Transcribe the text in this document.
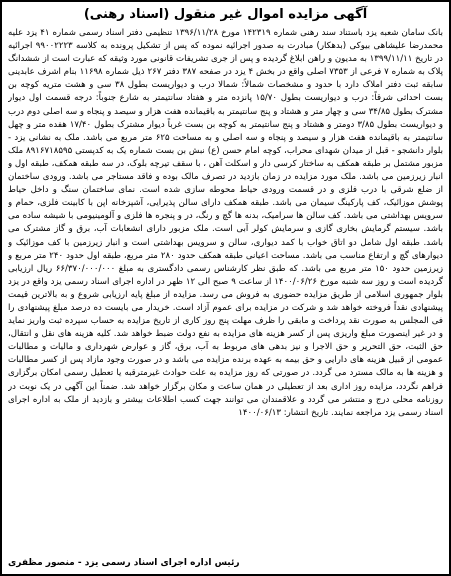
آگهی مزایده اموال غیر منقول (اسناد رهنی)

بانک سامان شعبه یزد باستناد سند رهنی شماره ۱۴۲۳۱۹ مورخ ۱۳۹۶/۱۱/۲۸ تنظیمی دفتر اسناد رسمی شماره ۴۱ یزد علیه محمدرضا علیشاهی بیوکی (بدهکار) مبادرت به صدور اجرائیه نموده که پس از تشکیل پرونده به کلاسه ۹۹۰۰۲۲۲۳ اجرائیه در تاریخ ۱۳۹۹/۱۱/۱۱ به مدیون و راهن ابلاغ گردیده و پس از جری تشریفات قانونی مورد وثیقه که عبارت است از ششدانگ پلاک به شماره ۷ فرعی از ۷۳۵۳ اصلی واقع در بخش ۴ یزد در صفحه ۳۸۷ دفتر ۲۶۷ ذیل شماره ۱۱۶۹۸ بنام اشرف عابدینی سابقه ثبت دفتر املاک دارد با حدود و مشخصات شمالاً: شمالا درب و دیواریست بطول ۳۸ سی و هشت متریه کوچه بن بست احداثی شرقاً: درب و دیواریست بطول ۱۵/۷۰ پانزده متر و هفتاد سانتیمتر به شارع جنوباً: درجه قسمت اول دیوار مشترک بطول ۳۴/۸۵ سی و چهار متر و هشتاد و پنج سانتیمتر به باقیمانده هفت هزار و سیصد و پنجاه و سه اصلی دوم درب و دیواریست بطول ۳/۸۵ دومتر و هشتاد و پنج سانتیمتر به کوچه بن بست غرباً دیوار مشترک بطول ۱۷/۴۰ هفده متر و چهل سانتیمتر به باقیمانده هفت هزار و سیصد و پنجاه و سه اصلی و به مساحت ۶۲۵ متر مربع می باشد. ملک به نشانی یزد - بلوار دانشجو - قبل از میدان شهدای محراب، کوچه امام حسن (ع) نبش بن بست شماره یک به کدپستی ۸۹۱۶۷۱۸۵۹۵ ملک مزبور مشتمل بر طبقه همکف به ساختار کرسی دار و اسکلت آهن ، با سقف تیرچه بلوک، در سه طبقه همکف، طبقه اول و انبار زیرزمین می باشد. ملک مورد مزایده در زمان بازدید در تصرف مالک بوده و فاقد مستاجر می باشد. ورودی ساختمان از ضلع شرقی با درب فلزی و در قسمت ورودی حیاط محوطه سازی شده است. نمای ساختمان سنگ و داخل حیاط پوشش موزائیک، کف پارکینگ سیمان می باشد. طبقه همکف دارای سالن پذیرایی، آشپزخانه اپن با کابینت فلزی، حمام و سرویس بهداشتی می باشد. کف سالن ها سرامیک، بدنه ها گچ و رنگ، در و پنجره ها فلزی و آلومینیومی با شیشه ساده می باشد. سیستم گرمایش بخاری گازی و سرمایش کولر آبی است. ملک مزبور دارای انشعابات آب، برق و گاز مشترک می باشد. طبقه اول شامل دو اتاق خواب با کمد دیواری، سالن و سرویس بهداشتی است و انبار زیرزمین با کف موزائیک و دیوارهای گچ و ارتفاع مناسب می باشد. مساحت اعیانی طبقه همکف حدود ۲۸۰ متر مربع، طبقه اول حدود ۲۴۰ متر مربع و زیرزمین حدود ۱۵۰ متر مربع می باشد. که طبق نظر کارشناس رسمی دادگستری به مبلغ ۶۶/۳۷۰/۰۰۰/۰۰۰ ریال ارزیابی گردیده است و روز سه شنبه مورخ ۱۴۰۰/۰۶/۲۶ از ساعت ۹ صبح الی ۱۲ ظهر در اداره اجرای اسناد رسمی یزد واقع در یزد بلوار جمهوری اسلامی از طریق مزایده حضوری به فروش می رسد. مزایده از مبلغ پایه ارزیابی شروع و به بالاترین قیمت پیشنهادی نقداً فروخته خواهد شد و شرکت در مزایده برای عموم آزاد است. خریدار می بایست ده درصد مبلغ پیشنهادی را فی المجلس به صورت نقد پرداخت و مابقی را ظرف مهلت پنج روز کاری از تاریخ مزایده به حساب سپرده ثبت واریز نماید و در غیر اینصورت مبلغ واریزی پس از کسر هزینه های مزایده به نفع دولت ضبط خواهد شد. کلیه هزینه های نقل و انتقال، حق الثبت، حق التحریر و حق الاجرا و نیز بدهی های مربوط به آب، برق، گاز و عوارض شهرداری و مالیات و مطالبات عمومی از قبیل هزینه های دارایی و حق بیمه به عهده برنده مزایده می باشد و در صورت وجود مازاد پس از کسر مطالبات و هزینه ها به مالک مسترد می گردد. در صورتی که روز مزایده به علت حوادث غیرمترقبه یا تعطیل رسمی امکان برگزاری فراهم نگردد، مزایده روز اداری بعد از تعطیلی در همان ساعت و مکان برگزار خواهد شد. ضمناً این آگهی در یک نوبت در روزنامه محلی درج و منتشر می گردد و علاقمندان می توانند جهت کسب اطلاعات بیشتر و بازدید از ملک به اداره اجرای اسناد رسمی یزد مراجعه نمایند. تاریخ انتشار: ۱۴۰۰/۰۶/۱۳

رئیس اداره اجرای اسناد رسمی یزد - منصور مظفری
